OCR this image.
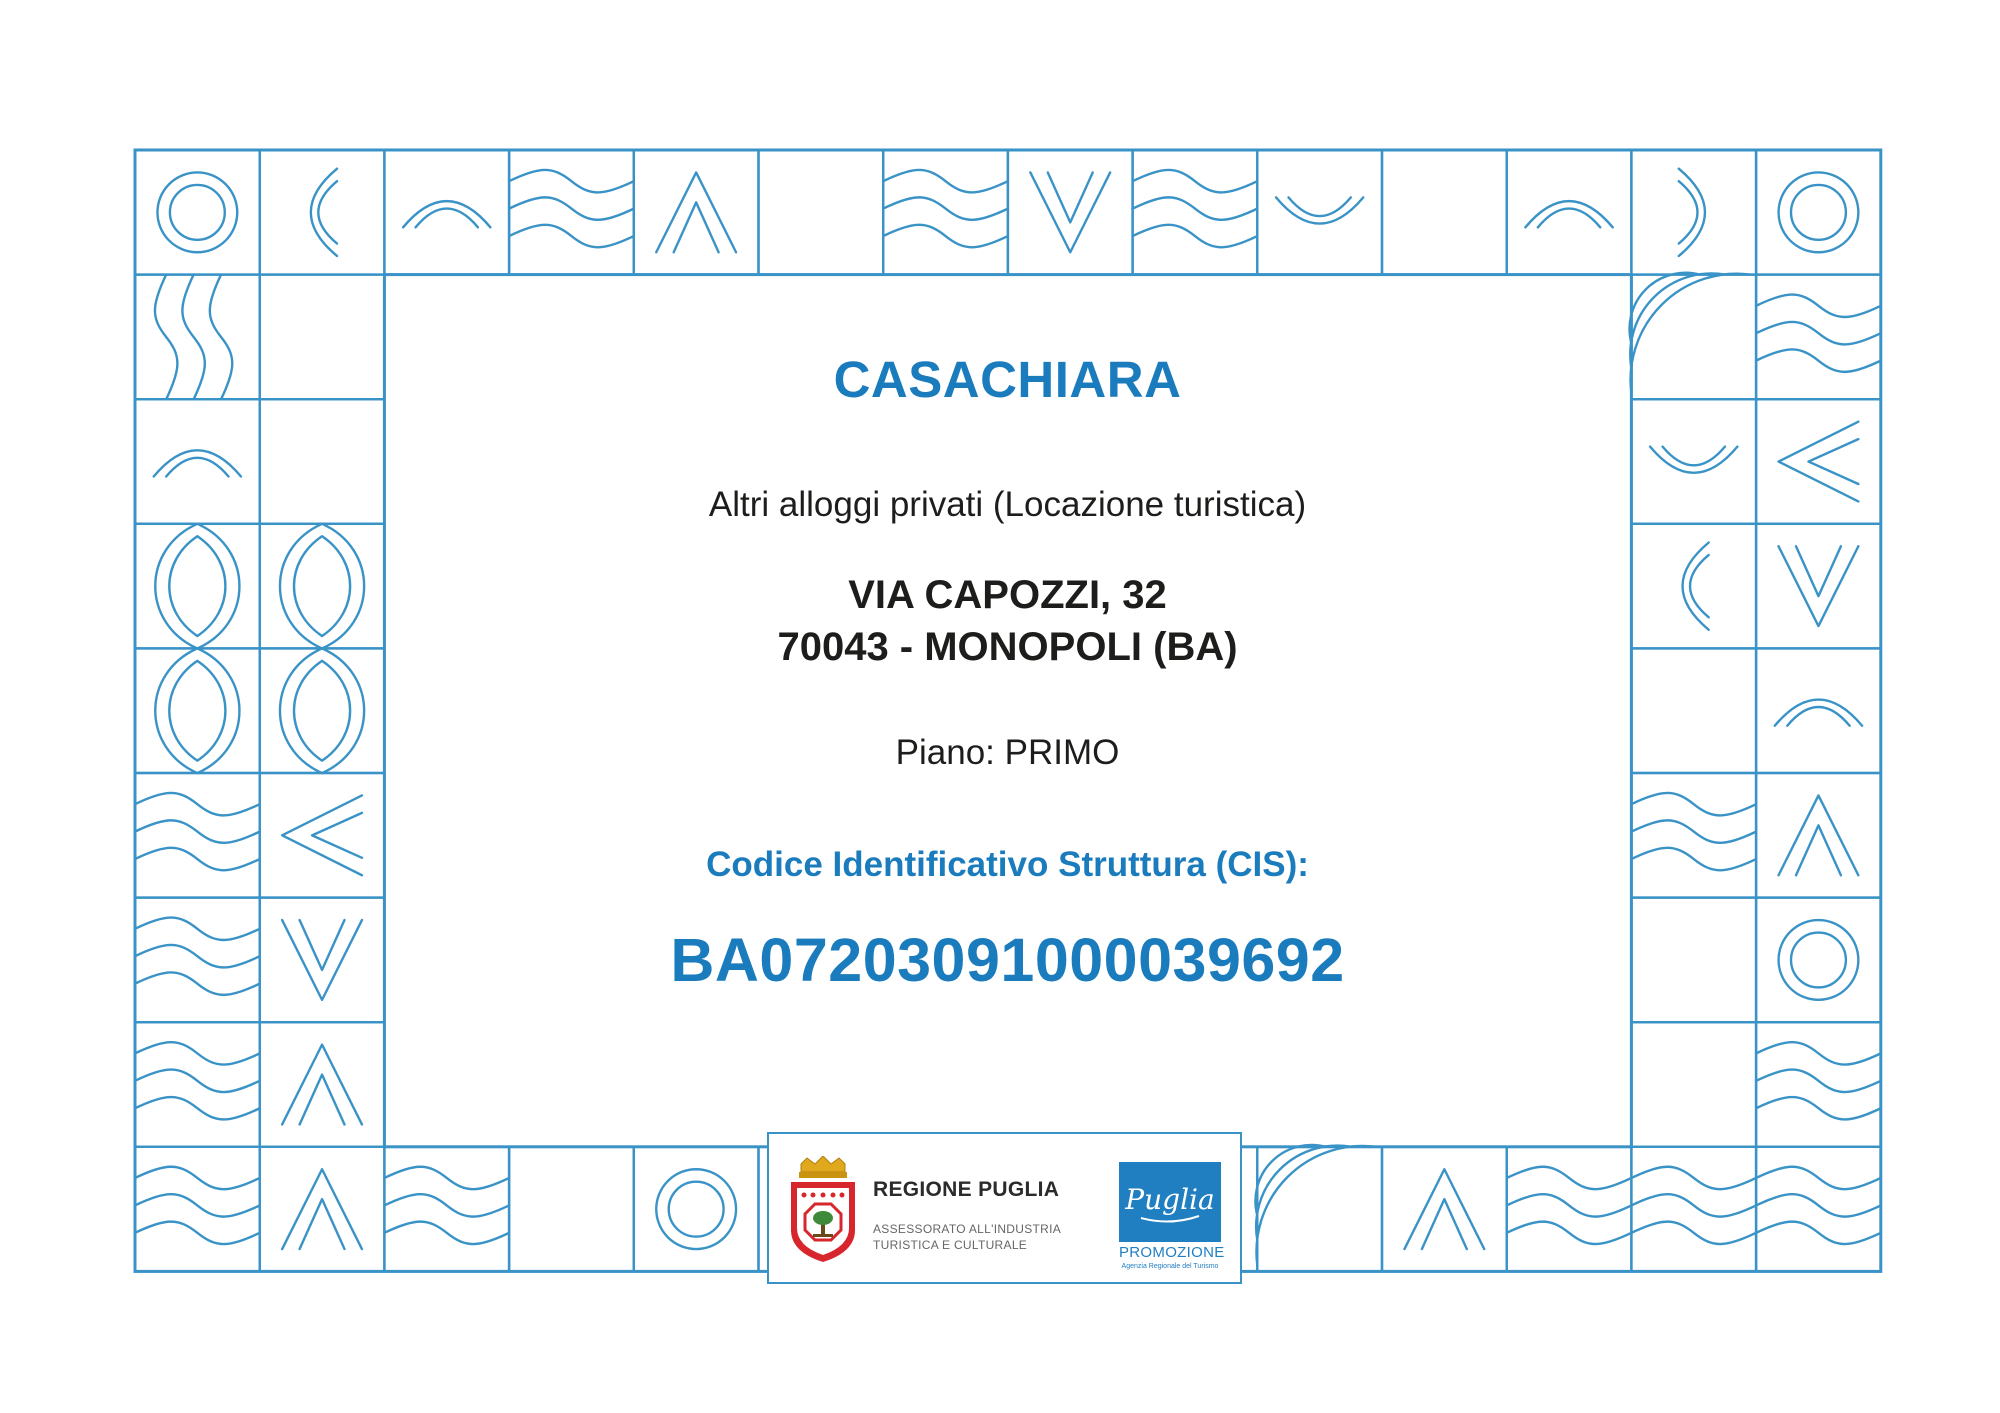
CASACHIARA
Altri alloggi privati (Locazione turistica)
VIA CAPOZZI, 32
70043 - MONOPOLI (BA)
Piano: PRIMO
Codice Identificativo Struttura (CIS):
BA07203091000039692
REGIONE PUGLIA
ASSESSORATO ALL'INDUSTRIA
TURISTICA E CULTURALE
Puglia
PROMOZIONE
Agenzia Regionale del Turismo
